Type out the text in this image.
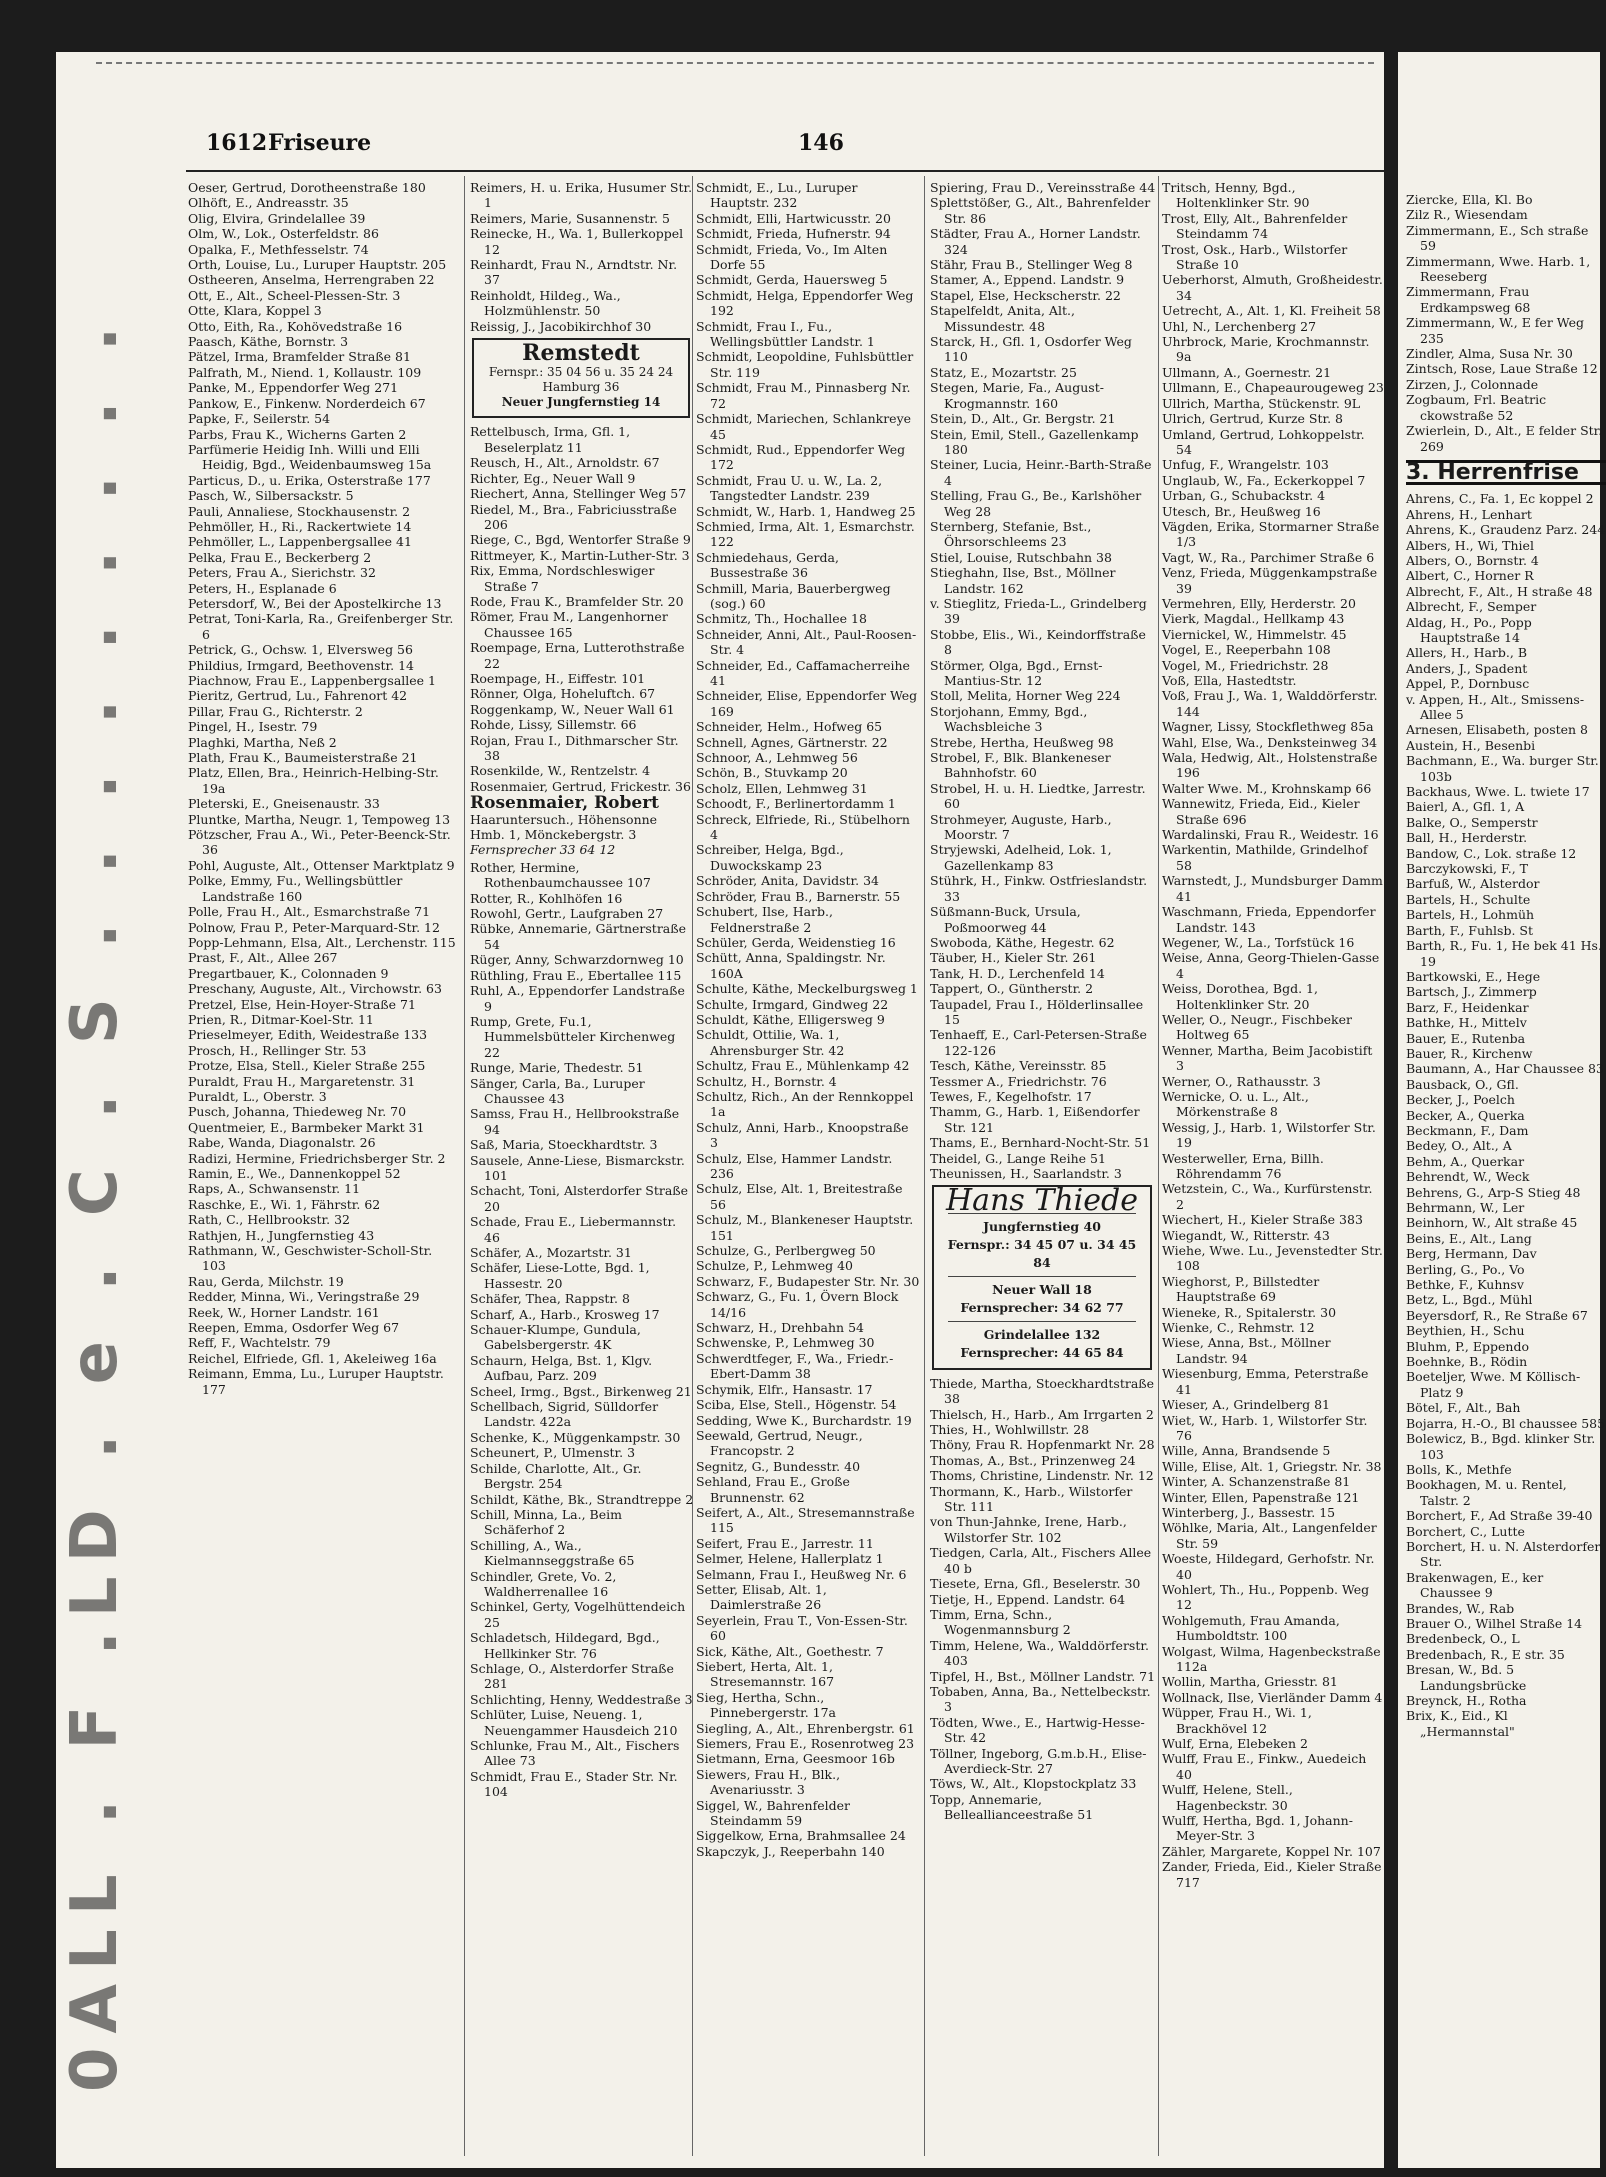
0ALL . F .LD . e . C . S . . . . . . . . .
1612 Friseure	146
Oeser, Gertrud, Dorotheenstraße 180
Olhöft, E., Andreasstr. 35
Olig, Elvira, Grindelallee 39
Olm, W., Lok., Osterfeldstr. 86
Opalka, F., Methfesselstr. 74
Orth, Louise, Lu., Luruper Hauptstr. 205
Ostheeren, Anselma, Herrengraben 22
Ott, E., Alt., Scheel-Plessen-Str. 3
Otte, Klara, Koppel 3
Otto, Eith, Ra., Kohövedstraße 16
Paasch, Käthe, Bornstr. 3
Pätzel, Irma, Bramfelder Straße 81
Palfrath, M., Niend. 1, Kollaustr. 109
Panke, M., Eppendorfer Weg 271
Pankow, E., Finkenw. Norderdeich 67
Papke, F., Seilerstr. 54
Parbs, Frau K., Wicherns Garten 2
Parfümerie Heidig Inh. Willi und Elli Heidig, Bgd., Weidenbaumsweg 15a
Particus, D., u. Erika, Osterstraße 177
Pasch, W., Silbersackstr. 5
Pauli, Annaliese, Stockhausenstr. 2
Pehmöller, H., Ri., Rackertwiete 14
Pehmöller, L., Lappenbergsallee 41
Pelka, Frau E., Beckerberg 2
Peters, Frau A., Sierichstr. 32
Peters, H., Esplanade 6
Petersdorf, W., Bei der Apostelkirche 13
Petrat, Toni-Karla, Ra., Greifenberger Str. 6
Petrick, G., Ochsw. 1, Elversweg 56
Phildius, Irmgard, Beethovenstr. 14
Piachnow, Frau E., Lappenbergsallee 1
Pieritz, Gertrud, Lu., Fahrenort 42
Pillar, Frau G., Richterstr. 2
Pingel, H., Isestr. 79
Plaghki, Martha, Neß 2
Plath, Frau K., Baumeisterstraße 21
Platz, Ellen, Bra., Heinrich-Helbing-Str. 19a
Pleterski, E., Gneisenaustr. 33
Pluntke, Martha, Neugr. 1, Tempoweg 13
Pötzscher, Frau A., Wi., Peter-Beenck-Str. 36
Pohl, Auguste, Alt., Ottenser Marktplatz 9
Polke, Emmy, Fu., Wellingsbüttler Landstraße 160
Polle, Frau H., Alt., Esmarchstraße 71
Polnow, Frau P., Peter-Marquard-Str. 12
Popp-Lehmann, Elsa, Alt., Lerchenstr. 115
Prast, F., Alt., Allee 267
Pregartbauer, K., Colonnaden 9
Preschany, Auguste, Alt., Virchowstr. 63
Pretzel, Else, Hein-Hoyer-Straße 71
Prien, R., Ditmar-Koel-Str. 11
Prieselmeyer, Edith, Weidestraße 133
Prosch, H., Rellinger Str. 53
Protze, Elsa, Stell., Kieler Straße 255
Puraldt, Frau H., Margaretenstr. 31
Puraldt, L., Oberstr. 3
Pusch, Johanna, Thiedeweg Nr. 70
Quentmeier, E., Barmbeker Markt 31
Rabe, Wanda, Diagonalstr. 26
Radizi, Hermine, Friedrichsberger Str. 2
Ramin, E., We., Dannenkoppel 52
Raps, A., Schwansenstr. 11
Raschke, E., Wi. 1, Fährstr. 62
Rath, C., Hellbrookstr. 32
Rathjen, H., Jungfernstieg 43
Rathmann, W., Geschwister-Scholl-Str. 103
Rau, Gerda, Milchstr. 19
Redder, Minna, Wi., Veringstraße 29
Reek, W., Horner Landstr. 161
Reepen, Emma, Osdorfer Weg 67
Reff, F., Wachtelstr. 79
Reichel, Elfriede, Gfl. 1, Akeleiweg 16a
Reimann, Emma, Lu., Luruper Hauptstr. 177
Reimers, H. u. Erika, Husumer Str. 1
Reimers, Marie, Susannenstr. 5
Reinecke, H., Wa. 1, Bullerkoppel 12
Reinhardt, Frau N., Arndtstr. Nr. 37
Reinholdt, Hildeg., Wa., Holzmühlenstr. 50
Reissig, J., Jacobikirchhof 30
Remstedt
Fernspr.: 35 04 56 u. 35 24 24
Hamburg 36
Neuer Jungfernstieg 14
Rettelbusch, Irma, Gfl. 1, Beselerplatz 11
Reusch, H., Alt., Arnoldstr. 67
Richter, Eg., Neuer Wall 9
Riechert, Anna, Stellinger Weg 57
Riedel, M., Bra., Fabriciusstraße 206
Riege, C., Bgd, Wentorfer Straße 9
Rittmeyer, K., Martin-Luther-Str. 3
Rix, Emma, Nordschleswiger Straße 7
Rode, Frau K., Bramfelder Str. 20
Römer, Frau M., Langenhorner Chaussee 165
Roempage, Erna, Lutterothstraße 22
Roempage, H., Eiffestr. 101
Rönner, Olga, Hoheluftch. 67
Roggenkamp, W., Neuer Wall 61
Rohde, Lissy, Sillemstr. 66
Rojan, Frau I., Dithmarscher Str. 38
Rosenkilde, W., Rentzelstr. 4
Rosenmaier, Gertrud, Frickestr. 36
Rosenmaier, Robert
Haaruntersuch., Höhensonne
Hmb. 1, Mönckebergstr. 3
Fernsprecher 33 64 12
Rother, Hermine, Rothenbaumchaussee 107
Rotter, R., Kohlhöfen 16
Rowohl, Gertr., Laufgraben 27
Rübke, Annemarie, Gärtnerstraße 54
Rüger, Anny, Schwarzdornweg 10
Rüthling, Frau E., Ebertallee 115
Ruhl, A., Eppendorfer Landstraße 9
Rump, Grete, Fu.1, Hummelsbütteler Kirchenweg 22
Runge, Marie, Thedestr. 51
Sänger, Carla, Ba., Luruper Chaussee 43
Samss, Frau H., Hellbrookstraße 94
Saß, Maria, Stoeckhardtstr. 3
Sausele, Anne-Liese, Bismarckstr. 101
Schacht, Toni, Alsterdorfer Straße 20
Schade, Frau E., Liebermannstr. 46
Schäfer, A., Mozartstr. 31
Schäfer, Liese-Lotte, Bgd. 1, Hassestr. 20
Schäfer, Thea, Rappstr. 8
Scharf, A., Harb., Krosweg 17
Schauer-Klumpe, Gundula, Gabelsbergerstr. 4K
Schaurn, Helga, Bst. 1, Klgv. Aufbau, Parz. 209
Scheel, Irmg., Bgst., Birkenweg 21
Schellbach, Sigrid, Sülldorfer Landstr. 422a
Schenke, K., Müggenkampstr. 30
Scheunert, P., Ulmenstr. 3
Schilde, Charlotte, Alt., Gr. Bergstr. 254
Schildt, Käthe, Bk., Strandtreppe 2
Schill, Minna, La., Beim Schäferhof 2
Schilling, A., Wa., Kielmannseggstraße 65
Schindler, Grete, Vo. 2, Waldherrenallee 16
Schinkel, Gerty, Vogelhüttendeich 25
Schladetsch, Hildegard, Bgd., Hellkinker Str. 76
Schlage, O., Alsterdorfer Straße 281
Schlichting, Henny, Weddestraße 3
Schlüter, Luise, Neueng. 1, Neuengammer Hausdeich 210
Schlunke, Frau M., Alt., Fischers Allee 73
Schmidt, Frau E., Stader Str. Nr. 104
Schmidt, E., Lu., Luruper Hauptstr. 232
Schmidt, Elli, Hartwicusstr. 20
Schmidt, Frieda, Hufnerstr. 94
Schmidt, Frieda, Vo., Im Alten Dorfe 55
Schmidt, Gerda, Hauersweg 5
Schmidt, Helga, Eppendorfer Weg 192
Schmidt, Frau I., Fu., Wellingsbüttler Landstr. 1
Schmidt, Leopoldine, Fuhlsbüttler Str. 119
Schmidt, Frau M., Pinnasberg Nr. 72
Schmidt, Mariechen, Schlankreye 45
Schmidt, Rud., Eppendorfer Weg 172
Schmidt, Frau U. u. W., La. 2, Tangstedter Landstr. 239
Schmidt, W., Harb. 1, Handweg 25
Schmied, Irma, Alt. 1, Esmarchstr. 122
Schmiedehaus, Gerda, Bussestraße 36
Schmill, Maria, Bauerbergweg (sog.) 60
Schmitz, Th., Hochallee 18
Schneider, Anni, Alt., Paul-Roosen-Str. 4
Schneider, Ed., Caffamacherreihe 41
Schneider, Elise, Eppendorfer Weg 169
Schneider, Helm., Hofweg 65
Schnell, Agnes, Gärtnerstr. 22
Schnoor, A., Lehmweg 56
Schön, B., Stuvkamp 20
Scholz, Ellen, Lehmweg 31
Schoodt, F., Berlinertordamm 1
Schreck, Elfriede, Ri., Stübelhorn 4
Schreiber, Helga, Bgd., Duwockskamp 23
Schröder, Anita, Davidstr. 34
Schröder, Frau B., Barnerstr. 55
Schubert, Ilse, Harb., Feldnerstraße 2
Schüler, Gerda, Weidenstieg 16
Schütt, Anna, Spaldingstr. Nr. 160A
Schulte, Käthe, Meckelburgsweg 1
Schulte, Irmgard, Gindweg 22
Schuldt, Käthe, Elligersweg 9
Schuldt, Ottilie, Wa. 1, Ahrensburger Str. 42
Schultz, Frau E., Mühlenkamp 42
Schultz, H., Bornstr. 4
Schultz, Rich., An der Rennkoppel 1a
Schulz, Anni, Harb., Knoopstraße 3
Schulz, Else, Hammer Landstr. 236
Schulz, Else, Alt. 1, Breitestraße 56
Schulz, M., Blankeneser Hauptstr. 151
Schulze, G., Perlbergweg 50
Schulze, P., Lehmweg 40
Schwarz, F., Budapester Str. Nr. 30
Schwarz, G., Fu. 1, Övern Block 14/16
Schwarz, H., Drehbahn 54
Schwenske, P., Lehmweg 30
Schwerdtfeger, F., Wa., Friedr.-Ebert-Damm 38
Schymik, Elfr., Hansastr. 17
Sciba, Else, Stell., Högenstr. 54
Sedding, Wwe K., Burchardstr. 19
Seewald, Gertrud, Neugr., Francopstr. 2
Segnitz, G., Bundesstr. 40
Sehland, Frau E., Große Brunnenstr. 62
Seifert, A., Alt., Stresemannstraße 115
Seifert, Frau E., Jarrestr. 11
Selmer, Helene, Hallerplatz 1
Selmann, Frau I., Heußweg Nr. 6
Setter, Elisab, Alt. 1, Daimlerstraße 26
Seyerlein, Frau T., Von-Essen-Str. 60
Sick, Käthe, Alt., Goethestr. 7
Siebert, Herta, Alt. 1, Stresemannstr. 167
Sieg, Hertha, Schn., Pinnebergerstr. 17a
Siegling, A., Alt., Ehrenbergstr. 61
Siemers, Frau E., Rosenrotweg 23
Sietmann, Erna, Geesmoor 16b
Siewers, Frau H., Blk., Avenariusstr. 3
Siggel, W., Bahrenfelder Steindamm 59
Siggelkow, Erna, Brahmsallee 24
Skapczyk, J., Reeperbahn 140
Spiering, Frau D., Vereinsstraße 44
Splettstößer, G., Alt., Bahrenfelder Str. 86
Städter, Frau A., Horner Landstr. 324
Stähr, Frau B., Stellinger Weg 8
Stamer, A., Eppend. Landstr. 9
Stapel, Else, Heckscherstr. 22
Stapelfeldt, Anita, Alt., Missundestr. 48
Starck, H., Gfl. 1, Osdorfer Weg 110
Statz, E., Mozartstr. 25
Stegen, Marie, Fa., August-Krogmannstr. 160
Stein, D., Alt., Gr. Bergstr. 21
Stein, Emil, Stell., Gazellenkamp 180
Steiner, Lucia, Heinr.-Barth-Straße 4
Stelling, Frau G., Be., Karlshöher Weg 28
Sternberg, Stefanie, Bst., Öhrsorschleems 23
Stiel, Louise, Rutschbahn 38
Stieghahn, Ilse, Bst., Möllner Landstr. 162
v. Stieglitz, Frieda-L., Grindelberg 39
Stobbe, Elis., Wi., Keindorffstraße 8
Störmer, Olga, Bgd., Ernst-Mantius-Str. 12
Stoll, Melita, Horner Weg 224
Storjohann, Emmy, Bgd., Wachsbleiche 3
Strebe, Hertha, Heußweg 98
Strobel, F., Blk. Blankeneser Bahnhofstr. 60
Strobel, H. u. H. Liedtke, Jarrestr. 60
Strohmeyer, Auguste, Harb., Moorstr. 7
Stryjewski, Adelheid, Lok. 1, Gazellenkamp 83
Stührk, H., Finkw. Ostfrieslandstr. 33
Süßmann-Buck, Ursula, Poßmoorweg 44
Swoboda, Käthe, Hegestr. 62
Täuber, H., Kieler Str. 261
Tank, H. D., Lerchenfeld 14
Tappert, O., Güntherstr. 2
Taupadel, Frau I., Hölderlinsallee 15
Tenhaeff, E., Carl-Petersen-Straße 122-126
Tesch, Käthe, Vereinsstr. 85
Tessmer A., Friedrichstr. 76
Tewes, F., Kegelhofstr. 17
Thamm, G., Harb. 1, Eißendorfer Str. 121
Thams, E., Bernhard-Nocht-Str. 51
Theidel, G., Lange Reihe 51
Theunissen, H., Saarlandstr. 3
Hans Thiede
Jungfernstieg 40
Fernspr.: 34 45 07 u. 34 45 84
Neuer Wall 18
Fernsprecher: 34 62 77
Grindelallee 132
Fernsprecher: 44 65 84
Thiede, Martha, Stoeckhardtstraße 38
Thielsch, H., Harb., Am Irrgarten 2
Thies, H., Wohlwillstr. 28
Thöny, Frau R. Hopfenmarkt Nr. 28
Thomas, A., Bst., Prinzenweg 24
Thoms, Christine, Lindenstr. Nr. 12
Thormann, K., Harb., Wilstorfer Str. 111
von Thun-Jahnke, Irene, Harb., Wilstorfer Str. 102
Tiedgen, Carla, Alt., Fischers Allee 40 b
Tiesete, Erna, Gfl., Beselerstr. 30
Tietje, H., Eppend. Landstr. 64
Timm, Erna, Schn., Wogenmannsburg 2
Timm, Helene, Wa., Walddörferstr. 403
Tipfel, H., Bst., Möllner Landstr. 71
Tobaben, Anna, Ba., Nettelbeckstr. 3
Tödten, Wwe., E., Hartwig-Hesse-Str. 42
Töllner, Ingeborg, G.m.b.H., Elise-Averdieck-Str. 27
Töws, W., Alt., Klopstockplatz 33
Topp, Annemarie, Belleallianceestraße 51
Tritsch, Henny, Bgd., Holtenklinker Str. 90
Trost, Elly, Alt., Bahrenfelder Steindamm 74
Trost, Osk., Harb., Wilstorfer Straße 10
Ueberhorst, Almuth, Großheidestr. 34
Uetrecht, A., Alt. 1, Kl. Freiheit 58
Uhl, N., Lerchenberg 27
Uhrbrock, Marie, Krochmannstr. 9a
Ullmann, A., Goernestr. 21
Ullmann, E., Chapeaurougeweg 23
Ullrich, Martha, Stückenstr. 9L
Ulrich, Gertrud, Kurze Str. 8
Umland, Gertrud, Lohkoppelstr. 54
Unfug, F., Wrangelstr. 103
Unglaub, W., Fa., Eckerkoppel 7
Urban, G., Schubackstr. 4
Utesch, Br., Heußweg 16
Vägden, Erika, Stormarner Straße 1/3
Vagt, W., Ra., Parchimer Straße 6
Venz, Frieda, Müggenkampstraße 39
Vermehren, Elly, Herderstr. 20
Vierk, Magdal., Hellkamp 43
Viernickel, W., Himmelstr. 45
Vogel, E., Reeperbahn 108
Vogel, M., Friedrichstr. 28
Voß, Ella, Hastedtstr.
Voß, Frau J., Wa. 1, Walddörferstr. 144
Wagner, Lissy, Stockflethweg 85a
Wahl, Else, Wa., Denksteinweg 34
Wala, Hedwig, Alt., Holstenstraße 196
Walter Wwe. M., Krohnskamp 66
Wannewitz, Frieda, Eid., Kieler Straße 696
Wardalinski, Frau R., Weidestr. 16
Warkentin, Mathilde, Grindelhof 58
Warnstedt, J., Mundsburger Damm 41
Waschmann, Frieda, Eppendorfer Landstr. 143
Wegener, W., La., Torfstück 16
Weise, Anna, Georg-Thielen-Gasse 4
Weiss, Dorothea, Bgd. 1, Holtenklinker Str. 20
Weller, O., Neugr., Fischbeker Holtweg 65
Wenner, Martha, Beim Jacobistift 3
Werner, O., Rathausstr. 3
Wernicke, O. u. L., Alt., Mörkenstraße 8
Wessig, J., Harb. 1, Wilstorfer Str. 19
Westerweller, Erna, Billh. Röhrendamm 76
Wetzstein, C., Wa., Kurfürstenstr. 2
Wiechert, H., Kieler Straße 383
Wiegandt, W., Ritterstr. 43
Wiehe, Wwe. Lu., Jevenstedter Str. 108
Wieghorst, P., Billstedter Hauptstraße 69
Wieneke, R., Spitalerstr. 30
Wienke, C., Rehmstr. 12
Wiese, Anna, Bst., Möllner Landstr. 94
Wiesenburg, Emma, Peterstraße 41
Wieser, A., Grindelberg 81
Wiet, W., Harb. 1, Wilstorfer Str. 76
Wille, Anna, Brandsende 5
Wille, Elise, Alt. 1, Griegstr. Nr. 38
Winter, A. Schanzenstraße 81
Winter, Ellen, Papenstraße 121
Winterberg, J., Bassestr. 15
Wöhlke, Maria, Alt., Langenfelder Str. 59
Woeste, Hildegard, Gerhofstr. Nr. 40
Wohlert, Th., Hu., Poppenb. Weg 12
Wohlgemuth, Frau Amanda, Humboldtstr. 100
Wolgast, Wilma, Hagenbeckstraße 112a
Wollin, Martha, Griesstr. 81
Wollnack, Ilse, Vierländer Damm 4
Wüpper, Frau H., Wi. 1, Brackhövel 12
Wulf, Erna, Elebeken 2
Wulff, Frau E., Finkw., Auedeich 40
Wulff, Helene, Stell., Hagenbeckstr. 30
Wulff, Hertha, Bgd. 1, Johann-Meyer-Str. 3
Zähler, Margarete, Koppel Nr. 107
Zander, Frieda, Eid., Kieler Straße 717
Ziercke, Ella, Kl. Bo
Zilz R., Wiesendam
Zimmermann, E., Sch straße 59
Zimmermann, Wwe. Harb. 1, Reeseberg
Zimmermann, Frau Erdkampsweg 68
Zimmermann, W., E fer Weg 235
Zindler, Alma, Susa Nr. 30
Zintsch, Rose, Laue Straße 12
Zirzen, J., Colonnade
Zogbaum, Frl. Beatric ckowstraße 52
Zwierlein, D., Alt., E felder Str. 269
3. Herrenfrise
Ahrens, C., Fa. 1, Ec koppel 2
Ahrens, H., Lenhart
Ahrens, K., Graudenz Parz. 244
Albers, H., Wi, Thiel
Albers, O., Bornstr. 4
Albert, C., Horner R
Albrecht, F., Alt., H straße 48
Albrecht, F., Semper
Aldag, H., Po., Popp Hauptstraße 14
Allers, H., Harb., B
Anders, J., Spadent
Appel, P., Dornbusc
v. Appen, H., Alt., Smissens-Allee 5
Arnesen, Elisabeth, posten 8
Austein, H., Besenbi
Bachmann, E., Wa. burger Str. 103b
Backhaus, Wwe. L. twiete 17
Baierl, A., Gfl. 1, A
Balke, O., Semperstr
Ball, H., Herderstr.
Bandow, C., Lok. straße 12
Barczykowski, F., T
Barfuß, W., Alsterdor
Bartels, H., Schulte
Bartels, H., Lohmüh
Barth, F., Fuhlsb. St
Barth, R., Fu. 1, He bek 41 Hs. 19
Bartkowski, E., Hege
Bartsch, J., Zimmerp
Barz, F., Heidenkar
Bathke, H., Mittelv
Bauer, E., Rutenba
Bauer, R., Kirchenw
Baumann, A., Har Chaussee 83
Bausback, O., Gfl.
Becker, J., Poelch
Becker, A., Querka
Beckmann, F., Dam
Bedey, O., Alt., A
Behm, A., Querkar
Behrendt, W., Weck
Behrens, G., Arp-S Stieg 48
Behrmann, W., Ler
Beinhorn, W., Alt straße 45
Beins, E., Alt., Lang
Berg, Hermann, Dav
Berling, G., Po., Vo
Bethke, F., Kuhnsv
Betz, L., Bgd., Mühl
Beyersdorf, R., Re Straße 67
Beythien, H., Schu
Bluhm, P., Eppendo
Boehnke, B., Rödin
Boeteljer, Wwe. M Köllisch-Platz 9
Bötel, F., Alt., Bah
Bojarra, H.-O., Bl chaussee 585
Bolewicz, B., Bgd. klinker Str. 103
Bolls, K., Methfe
Bookhagen, M. u. Rentel, Talstr. 2
Borchert, F., Ad Straße 39-40
Borchert, C., Lutte
Borchert, H. u. N. Alsterdorfer Str.
Brakenwagen, E., ker Chaussee 9
Brandes, W., Rab
Brauer O., Wilhel Straße 14
Bredenbeck, O., L
Bredenbach, R., E str. 35
Bresan, W., Bd. 5 Landungsbrücke
Breynck, H., Rotha
Brix, K., Eid., Kl „Hermannstal"
